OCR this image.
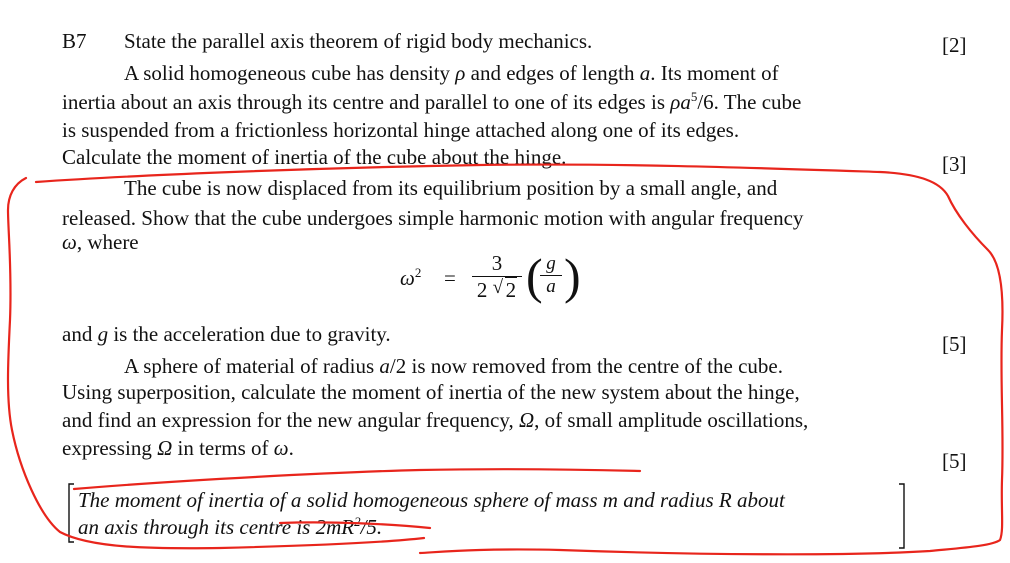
B7 State the parallel axis theorem of rigid body mechanics.
A solid homogeneous cube has density ρ and edges of length a. Its moment of
inertia about an axis through its centre and parallel to one of its edges is $\rho a^5/6$. The cube
is suspended from a frictionless horizontal hinge attached along one of its edges.
Calculate the moment of inertia of the cube about the hinge.
The cube is now displaced from its equilibrium position by a small angle, and
released. Show that the cube undergoes simple harmonic motion with angular frequency
ω, where
$\omega^2$ =
3
2 √ 2 ( g
a )
and g is the acceleration due to gravity.
A sphere of material of radius a/2 is now removed from the centre of the cube.
Using superposition, calculate the moment of inertia of the new system about the hinge,
and find an expression for the new angular frequency, Ω, of small amplitude oscillations,
expressing Ω in terms of ω.
[2]
[3]
[5]
[5]
The moment of inertia of a solid homogeneous sphere of mass m and radius R about
an axis through its centre is $2mR^2/5$.
